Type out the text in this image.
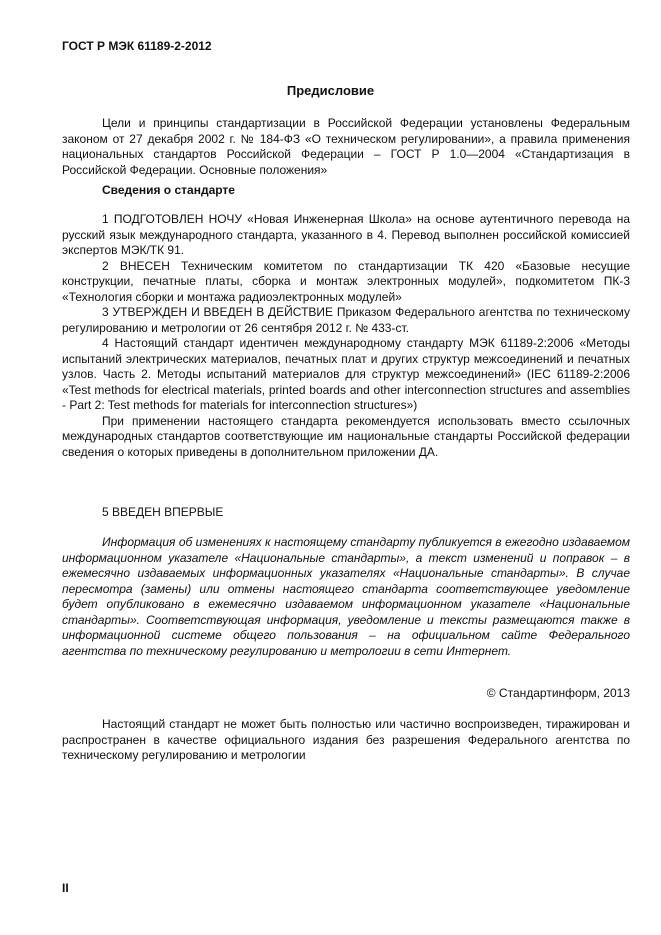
ГОСТ Р МЭК 61189-2-2012
Предисловие

Цели и принципы стандартизации в Российской Федерации установлены Федеральным законом от 27 декабря 2002 г. № 184-ФЗ «О техническом регулировании», а правила применения национальных стандартов Российской Федерации – ГОСТ Р 1.0—2004 «Стандартизация в Российской Федерации. Основные положения»

Сведения о стандарте

1 ПОДГОТОВЛЕН НОЧУ «Новая Инженерная Школа» на основе аутентичного перевода на русский язык международного стандарта, указанного в 4. Перевод выполнен российской комиссией экспертов МЭК/ТК 91.

2 ВНЕСЕН Техническим комитетом по стандартизации ТК 420 «Базовые несущие конструкции, печатные платы, сборка и монтаж электронных модулей», подкомитетом ПК-3 «Технология сборки и монтажа радиоэлектронных модулей»

3 УТВЕРЖДЕН И ВВЕДЕН В ДЕЙСТВИЕ Приказом Федерального агентства по техническому регулированию и метрологии от 26 сентября 2012 г. № 433-ст.

4 Настоящий стандарт идентичен международному стандарту МЭК 61189-2:2006 «Методы испытаний электрических материалов, печатных плат и других структур межсоединений и печатных узлов. Часть 2. Методы испытаний материалов для структур межсоединений» (IEC 61189-2:2006 «Test methods for electrical materials, printed boards and other interconnection structures and assemblies - Part 2: Test methods for materials for interconnection structures»)

При применении настоящего стандарта рекомендуется использовать вместо ссылочных международных стандартов соответствующие им национальные стандарты Российской федерации сведения о которых приведены в дополнительном приложении ДА.

5 ВВЕДЕН ВПЕРВЫЕ

Информация об изменениях к настоящему стандарту публикуется в ежегодно издаваемом информационном указателе «Национальные стандарты», а текст изменений и поправок – в ежемесячно издаваемых информационных указателях «Национальные стандарты». В случае пересмотра (замены) или отмены настоящего стандарта соответствующее уведомление будет опубликовано в ежемесячно издаваемом информационном указателе «Национальные стандарты». Соответствующая информация, уведомление и тексты размещаются также в информационной системе общего пользования – на официальном сайте Федерального агентства по техническому регулированию и метрологии в сети Интернет.

© Стандартинформ, 2013

Настоящий стандарт не может быть полностью или частично воспроизведен, тиражирован и распространен в качестве официального издания без разрешения Федерального агентства по техническому регулированию и метрологии

II
